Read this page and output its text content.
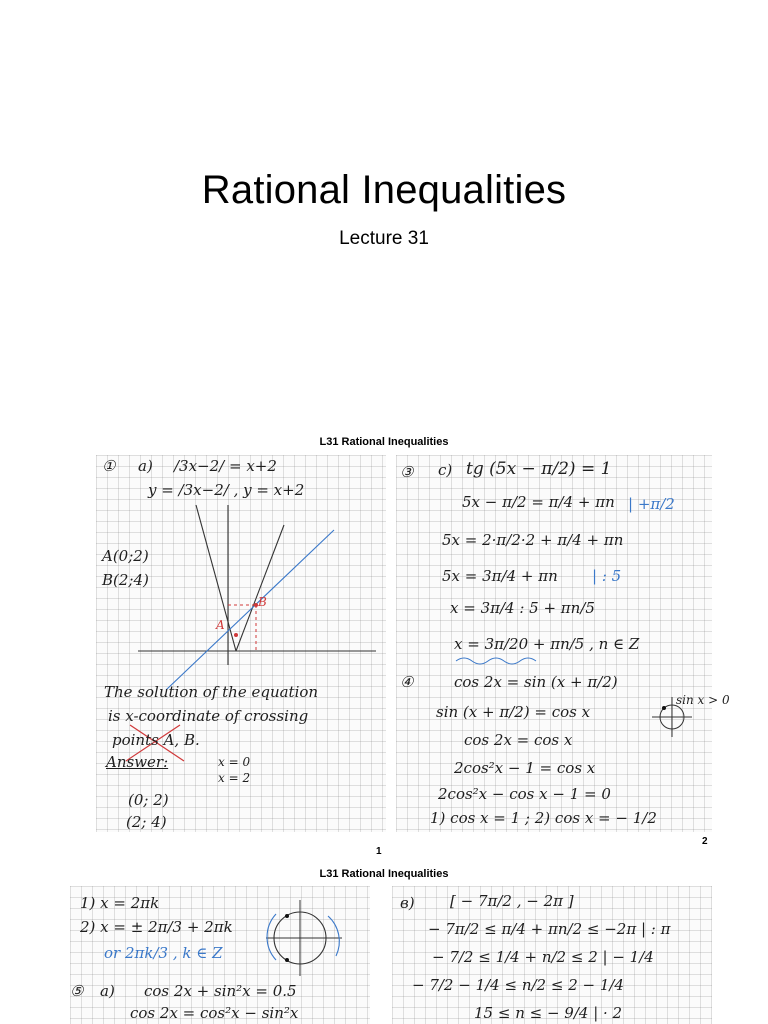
Rational Inequalities

Lecture 31

L31 Rational Inequalities
① a) /3x−2/ = x+2
y = /3x−2/ , y = x+2
A(0;2)
B(2;4)
A
B
The solution of the equation
is x-coordinate of crossing
points A, B.
Answer:	x = 0
x = 2
(0; 2)
(2; 4)
③ c) tg (5x − π/2) = 1
5x − π/2 = π/4 + πn | +π/2
5x = 2·π/2·2 + π/4 + πn
5x = 3π/4 + πn | : 5
x = 3π/4 : 5 + πn/5
x = 3π/20 + πn/5 , n ∈ Z
④	cos 2x = sin (x + π/2)
sin (x + π/2) = cos x
sin x > 0
cos 2x = cos x
2cos²x − 1 = cos x
2cos²x − cos x − 1 = 0
1) cos x = 1 ; 2) cos x = − 1/2
1
2
L31 Rational Inequalities
1) x = 2πk
2) x = ± 2π/3 + 2πk
or 2πk/3 , k ∈ Z
⑤ a) cos 2x + sin²x = 0.5
cos 2x = cos²x − sin²x
в) [ − 7π/2 , − 2π ]
− 7π/2 ≤ π/4 + πn/2 ≤ −2π | : π
− 7/2 ≤ 1/4 + n/2 ≤ 2 | − 1/4
− 7/2 − 1/4 ≤ n/2 ≤ 2 − 1/4
15 ≤ n ≤ − 9/4 | · 2
